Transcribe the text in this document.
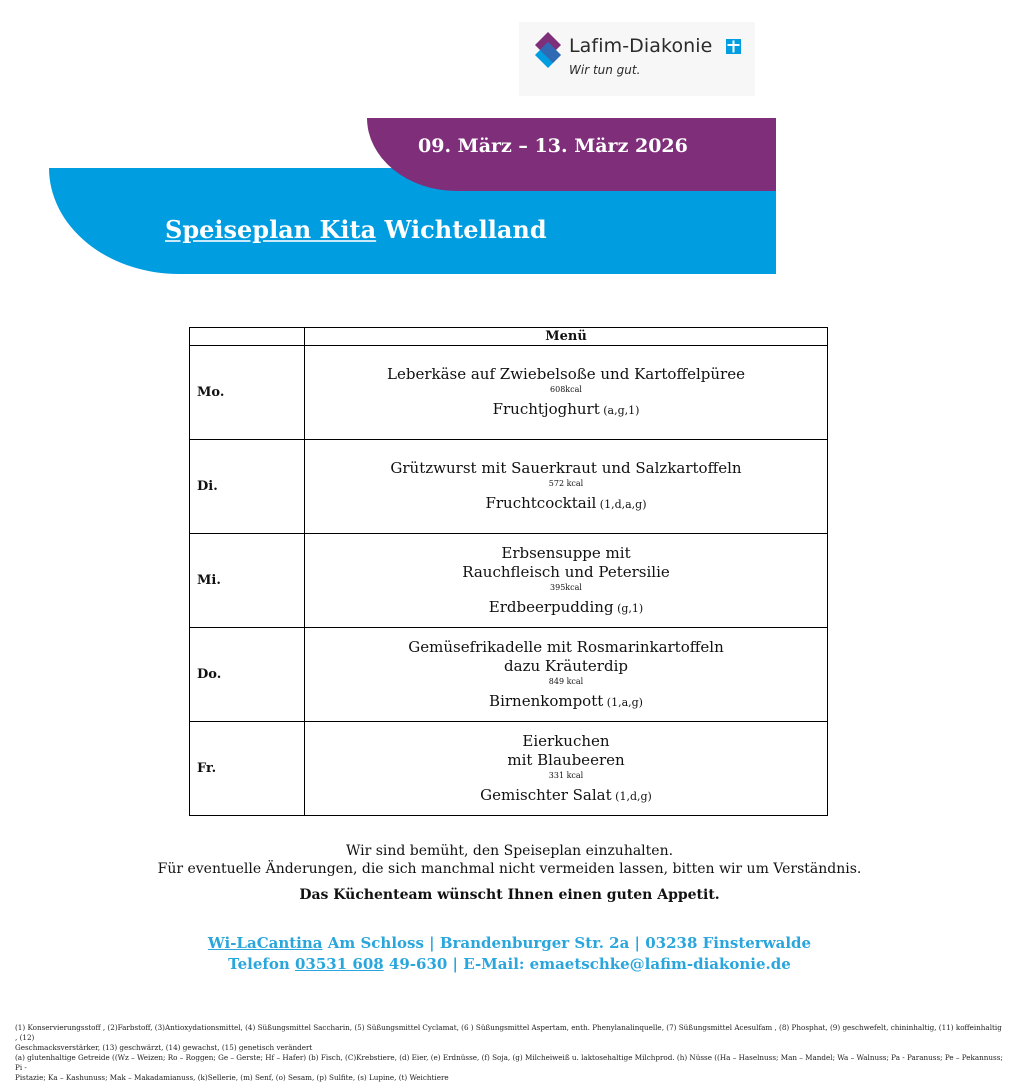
Lafim-Diakonie
Wir tun gut.
09. März – 13. März 2026
Speiseplan Kita Wichtelland
	Menü
Mo.	Leberkäse auf Zwiebelsoße und Kartoffelpüree
608kcal
Fruchtjoghurt (a,g,1)

Di.	Grützwurst mit Sauerkraut und Salzkartoffeln
572 kcal
Fruchtcocktail (1,d,a,g)

Mi.	Erbsensuppe mit
Rauchfleisch und Petersilie
395kcal
Erdbeerpudding (g,1)

Do.	Gemüsefrikadelle mit Rosmarinkartoffeln
dazu Kräuterdip
849 kcal
Birnenkompott (1,a,g)

Fr.	Eierkuchen
mit Blaubeeren
331 kcal
Gemischter Salat (1,d,g)
Wir sind bemüht, den Speiseplan einzuhalten.
Für eventuelle Änderungen, die sich manchmal nicht vermeiden lassen, bitten wir um Verständnis.
Das Küchenteam wünscht Ihnen einen guten Appetit.
Wi-LaCantina Am Schloss | Brandenburger Str. 2a | 03238 Finsterwalde
Telefon 03531 608 49-630 | E-Mail: emaetschke@lafim-diakonie.de
(1) Konservierungsstoff , (2)Farbstoff, (3)Antioxydationsmittel, (4) Süßungsmittel Saccharin, (5) Süßungsmittel Cyclamat, (6 ) Süßungsmittel Aspertam, enth. Phenylanalinquelle, (7) Süßungsmittel Acesulfam , (8) Phosphat, (9) geschwefelt, chininhaltig, (11) koffeinhaltig , (12)
Geschmacksverstärker, (13) geschwärzt, (14) gewachst, (15) genetisch verändert
(a) glutenhaltige Getreide ((Wz – Weizen; Ro – Roggen; Ge – Gerste; Hf – Hafer) (b) Fisch, (C)Krebstiere, (d) Eier, (e) Erdnüsse, (f) Soja, (g) Milcheiweiß u. laktosehaltige Milchprod. (h) Nüsse ((Ha – Haselnuss; Man – Mandel; Wa – Walnuss; Pa - Paranuss; Pe – Pekannuss; Pi -
Pistazie; Ka – Kashunuss; Mak – Makadamianuss, (k)Sellerie, (m) Senf, (o) Sesam, (p) Sulfite, (s) Lupine, (t) Weichtiere
